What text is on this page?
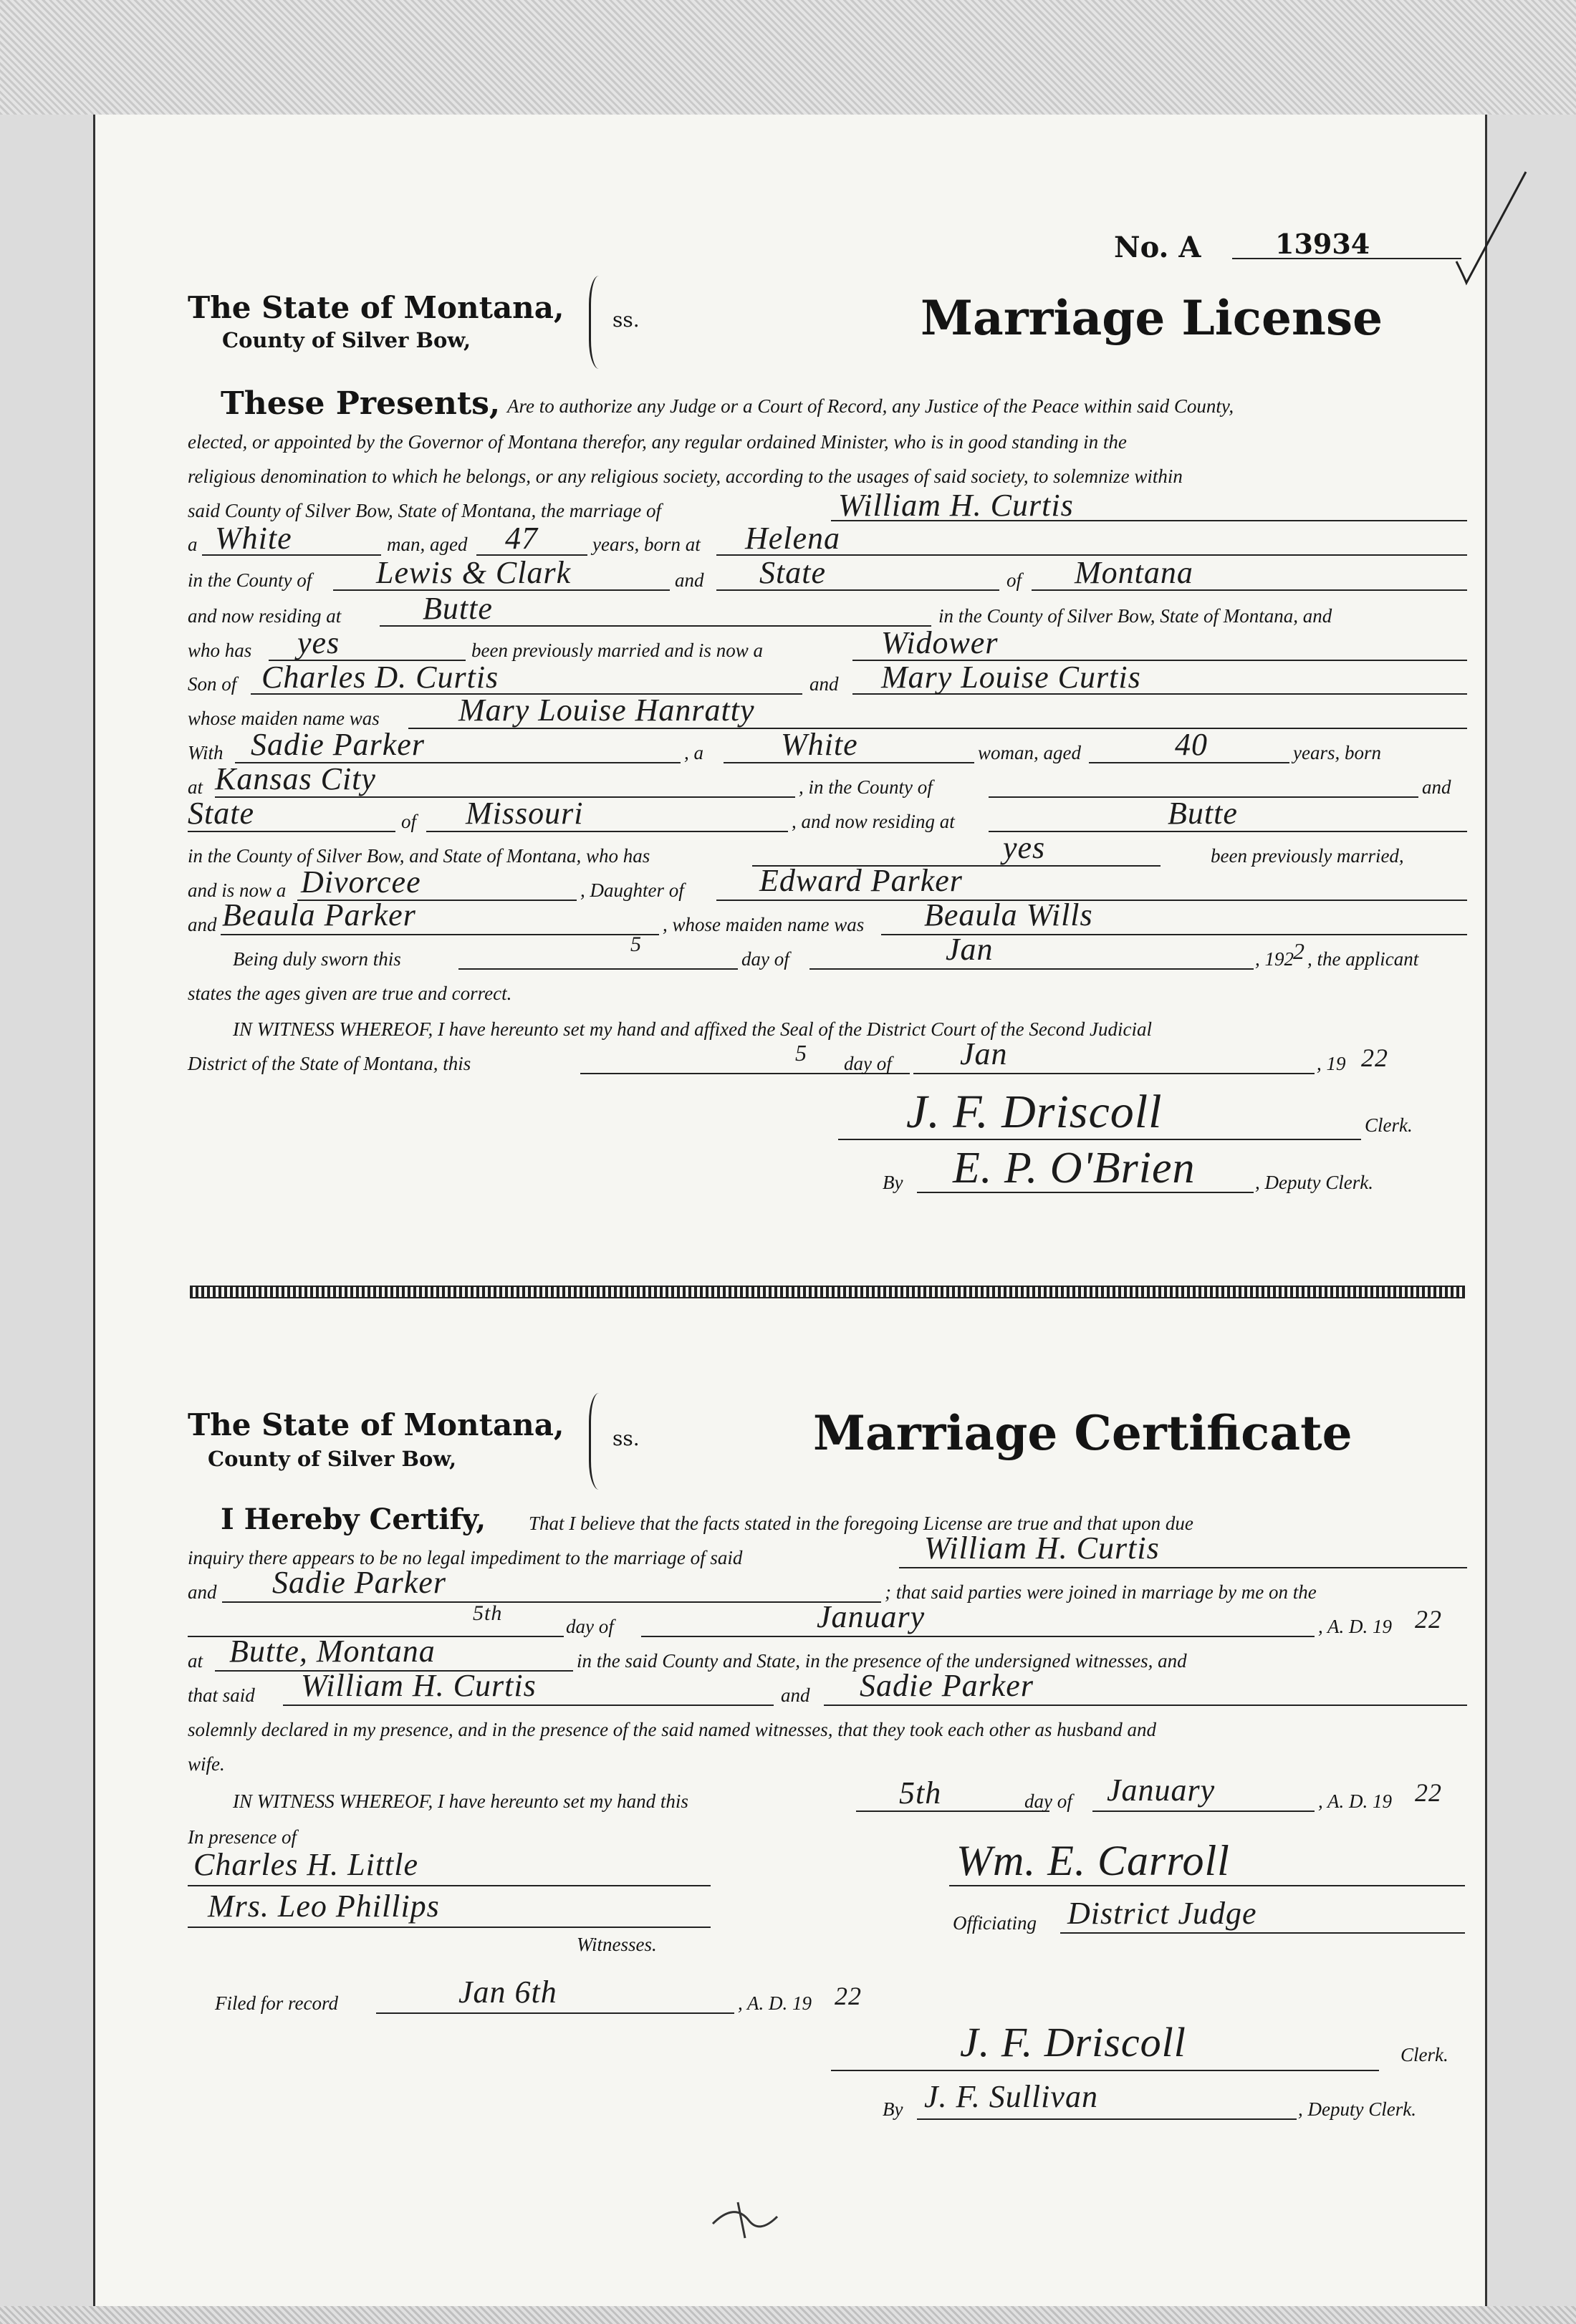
No. A	13934
The State of Montana,
County of Silver Bow,
ss.	Marriage License
These Presents, Are to authorize any Judge or a Court of Record, any Justice of the Peace within said County,
elected, or appointed by the Governor of Montana therefor, any regular ordained Minister, who is in good standing in the
religious denomination to which he belongs, or any religious society, according to the usages of said society, to solemnize within
said County of Silver Bow, State of Montana, the marriage of	William H. Curtis
a White	man, aged 47	years, born at Helena
in the County of Lewis & Clark	and State	of Montana
and now residing at	Butte	in the County of Silver Bow, State of Montana, and
who has yes	been previously married and is now a	Widower
Son of Charles D. Curtis	and Mary Louise Curtis
whose maiden name was	Mary Louise Hanratty
With Sadie Parker	, a White	woman, aged	40	years, born
at Kansas City	, in the County of	and
State	of Missouri	, and now residing at	Butte
in the County of Silver Bow, and State of Montana, who has	yes	been previously married,
and is now a Divorcee	, Daughter of Edward Parker
and Beaula Parker	, whose maiden name was Beaula Wills
Being duly sworn this
5
day of	Jan	, 192 2 , the applicant
states the ages given are true and correct.
IN WITNESS WHEREOF, I have hereunto set my hand and affixed the Seal of the District Court of the Second Judicial
District of the State of Montana, this	5 day of Jan	, 19 22
J. F. Driscoll	Clerk.
By E. P. O'Brien	, Deputy Clerk.
The State of Montana,
County of Silver Bow,
ss.	Marriage Certificate
I Hereby Certify, That I believe that the facts stated in the foregoing License are true and that upon due
inquiry there appears to be no legal impediment to the marriage of said	William H. Curtis
and Sadie Parker	; that said parties were joined in marriage by me on the
5th
day of	January	, A. D. 19 22
at Butte, Montana	in the said County and State, in the presence of the undersigned witnesses, and
that said William H. Curtis	and Sadie Parker
solemnly declared in my presence, and in the presence of the said named witnesses, that they took each other as husband and
wife.
IN WITNESS WHEREOF, I have hereunto set my hand this	5th	day of January	, A. D. 19 22
In presence of
Charles H. Little
Mrs. Leo Phillips
Witnesses.
Wm. E. Carroll
Officiating District Judge
Filed for record	Jan 6th	, A. D. 19 22
J. F. Driscoll	Clerk.
By J. F. Sullivan	, Deputy Clerk.
